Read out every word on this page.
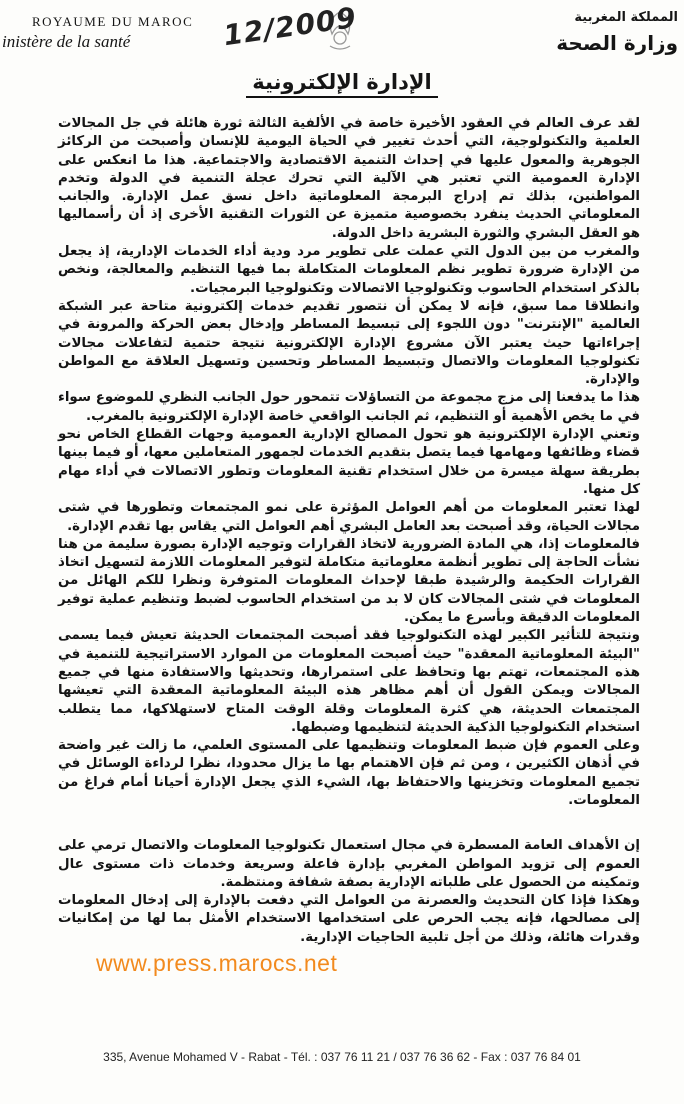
ROYAUME DU MAROC
inistère de la santé	12/2009	المملكة المغربية
وزارة الصحة
الإدارة الإلكترونية

لقد عرف العالم في العقود الأخيرة خاصة في الألفية الثالثة ثورة هائلة في جل المجالات العلمية والتكنولوجية، التي أحدث تغيير في الحياة اليومية للإنسان وأصبحت من الركائز الجوهرية والمعول عليها في إحداث التنمية الاقتصادية والاجتماعية. هذا ما انعكس على الإدارة العمومية التي تعتبر هي الآلية التي تحرك عجلة التنمية في الدولة وتخدم المواطنين، بذلك تم إدراج البرمجة المعلوماتية داخل نسق عمل الإدارة. والجانب المعلوماتي الحديث ينفرد بخصوصية متميزة عن الثورات التقنية الأخرى إذ أن رأسماليها هو العقل البشري والثورة البشرية داخل الدولة.

والمغرب من بين الدول التي عملت على تطوير مرد ودية أداء الخدمات الإدارية، إذ يجعل من الإدارة ضرورة تطوير نظم المعلومات المتكاملة بما فيها التنظيم والمعالجة، ونخص بالذكر استخدام الحاسوب وتكنولوجيا الاتصالات وتكنولوجيا البرمجيات.

وانطلاقا مما سبق، فإنه لا يمكن أن نتصور تقديم خدمات إلكترونية متاحة عبر الشبكة العالمية "الإنترنت" دون اللجوء إلى تبسيط المساطر وإدخال بعض الحركة والمرونة في إجراءاتها حيث يعتبر الآن مشروع الإدارة الإلكترونية نتيجة حتمية لتفاعلات مجالات تكنولوجيا المعلومات والاتصال وتبسيط المساطر وتحسين وتسهيل العلاقة مع المواطن والإدارة.

هذا ما يدفعنا إلى مزج مجموعة من التساؤلات تتمحور حول الجانب النظري للموضوع سواء في ما يخص الأهمية أو التنظيم، ثم الجانب الواقعي خاصة الإدارة الإلكترونية بالمغرب.

وتعني الإدارة الإلكترونية هو تحول المصالح الإدارية العمومية وجهات القطاع الخاص نحو قضاء وظائفها ومهامها فيما يتصل بتقديم الخدمات لجمهور المتعاملين معها، أو فيما بينها بطريقة سهلة ميسرة من خلال استخدام تقنية المعلومات وتطور الاتصالات في أداء مهام كل منها.

لهذا تعتبر المعلومات من أهم العوامل المؤثرة على نمو المجتمعات وتطورها في شتى مجالات الحياة، وقد أصبحت بعد العامل البشري أهم العوامل التي يقاس بها تقدم الإدارة.

فالمعلومات إذا، هي المادة الضرورية لاتخاذ القرارات وتوجيه الإدارة بصورة سليمة من هنا نشأت الحاجة إلى تطوير أنظمة معلوماتية متكاملة لتوفير المعلومات اللازمة لتسهيل اتخاذ القرارات الحكيمة والرشيدة طبقا لإحداث المعلومات المتوفرة ونظرا للكم الهائل من المعلومات في شتى المجالات كان لا بد من استخدام الحاسوب لضبط وتنظيم عملية توفير المعلومات الدقيقة وبأسرع ما يمكن.

ونتيجة للتأثير الكبير لهذه التكنولوجيا فقد أصبحت المجتمعات الحديثة تعيش فيما يسمى "البيئة المعلوماتية المعقدة" حيث أصبحت المعلومات من الموارد الاستراتيجية للتنمية في هذه المجتمعات، تهتم بها وتحافظ على استمرارها، وتحديثها والاستفادة منها في جميع المجالات ويمكن القول أن أهم مظاهر هذه البيئة المعلوماتية المعقدة التي تعيشها المجتمعات الحديثة، هي كثرة المعلومات وقلة الوقت المتاح لاستهلاكها، مما يتطلب استخدام التكنولوجيا الذكية الحديثة لتنظيمها وضبطها.

وعلى العموم فإن ضبط المعلومات وتنظيمها على المستوى العلمي، ما زالت غير واضحة في أذهان الكثيرين ، ومن ثم فإن الاهتمام بها ما يزال محدودا، نظرا لرداءة الوسائل في تجميع المعلومات وتخزينها والاحتفاظ بها، الشيء الذي يجعل الإدارة أحيانا أمام فراغ من المعلومات.

إن الأهداف العامة المسطرة في مجال استعمال تكنولوجيا المعلومات والاتصال ترمي على العموم إلى تزويد المواطن المغربي بإدارة فاعلة وسريعة وخدمات ذات مستوى عال وتمكينه من الحصول على طلباته الإدارية بصفة شفافة ومنتظمة.

وهكذا فإذا كان التحديث والعصرنة من العوامل التي دفعت بالإدارة إلى إدخال المعلومات إلى مصالحها، فإنه يجب الحرص على استخدامها الاستخدام الأمثل بما لها من إمكانيات وقدرات هائلة، وذلك من أجل تلبية الحاجيات الإدارية.

www.press.marocs.net
335, Avenue Mohamed V - Rabat - Tél. : 037 76 11 21 / 037 76 36 62 - Fax : 037 76 84 01
